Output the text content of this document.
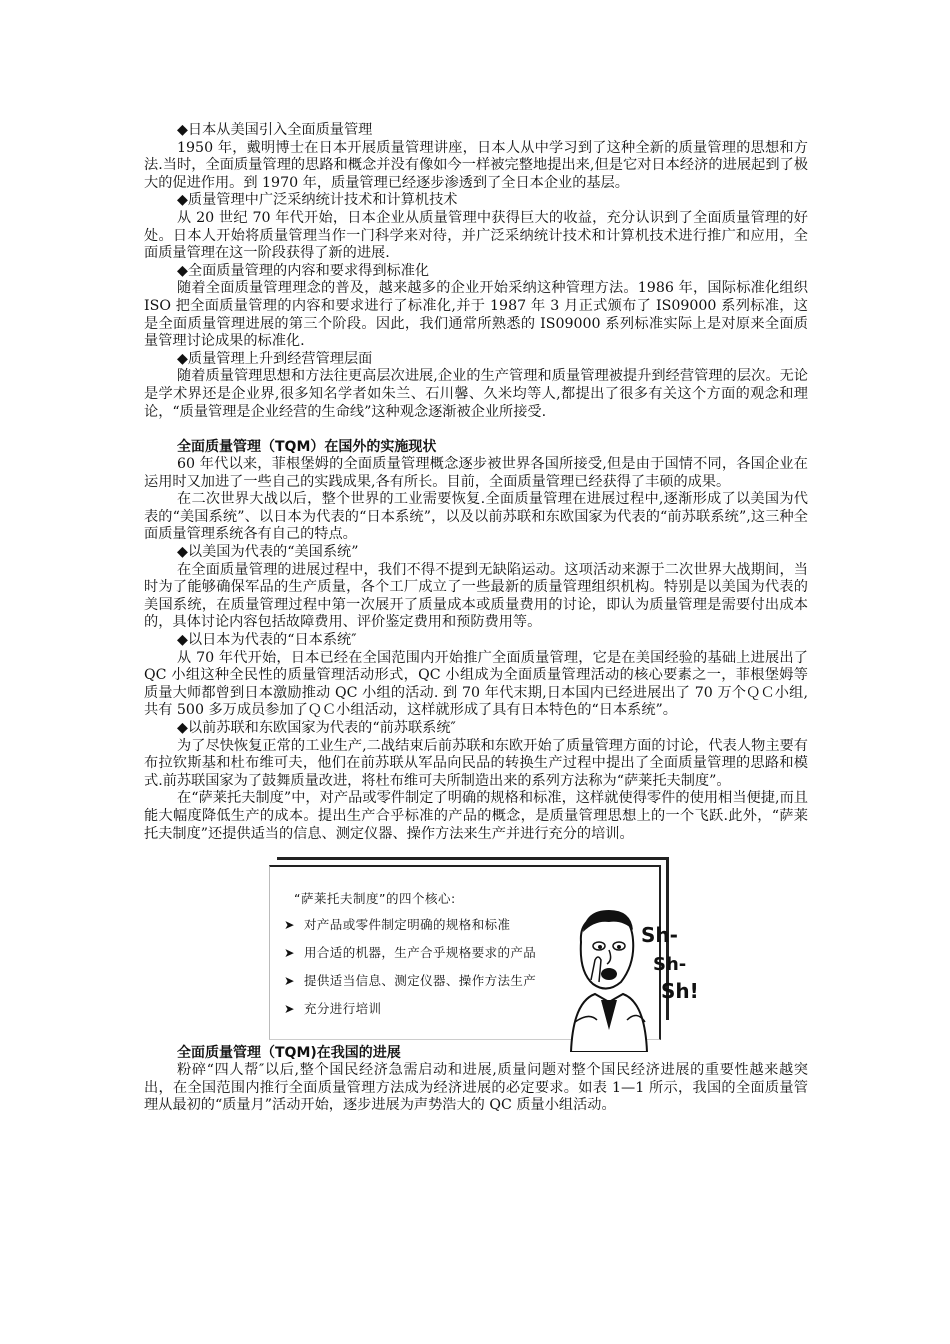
◆日本从美国引入全面质量管理

1950 年，戴明博士在日本开展质量管理讲座，日本人从中学习到了这种全新的质量管理的思想和方法.当时，全面质量管理的思路和概念并没有像如今一样被完整地提出来,但是它对日本经济的进展起到了极大的促进作用。到 1970 年，质量管理已经逐步渗透到了全日本企业的基层。

◆质量管理中广泛采纳统计技术和计算机技术

从 20 世纪 70 年代开始，日本企业从质量管理中获得巨大的收益，充分认识到了全面质量管理的好处。日本人开始将质量管理当作一门科学来对待，并广泛采纳统计技术和计算机技术进行推广和应用，全面质量管理在这一阶段获得了新的进展.

◆全面质量管理的内容和要求得到标准化

随着全面质量管理理念的普及，越来越多的企业开始采纳这种管理方法。1986 年，国际标准化组织 ISO 把全面质量管理的内容和要求进行了标准化,并于 1987 年 3 月正式颁布了 IS09000 系列标准，这是全面质量管理进展的第三个阶段。因此，我们通常所熟悉的 IS09000 系列标准实际上是对原来全面质量管理讨论成果的标准化.

◆质量管理上升到经营管理层面

随着质量管理思想和方法往更高层次进展,企业的生产管理和质量管理被提升到经营管理的层次。无论是学术界还是企业界,很多知名学者如朱兰、石川馨、久米均等人,都提出了很多有关这个方面的观念和理论，“质量管理是企业经营的生命线”这种观念逐渐被企业所接受.

全面质量管理（TQM）在国外的实施现状

60 年代以来，菲根堡姆的全面质量管理概念逐步被世界各国所接受,但是由于国情不同，各国企业在运用时又加进了一些自己的实践成果,各有所长。目前，全面质量管理已经获得了丰硕的成果。

在二次世界大战以后，整个世界的工业需要恢复.全面质量管理在进展过程中,逐渐形成了以美国为代表的“美国系统”、以日本为代表的“日本系统”，以及以前苏联和东欧国家为代表的“前苏联系统”,这三种全面质量管理系统各有自己的特点。

◆以美国为代表的“美国系统”

在全面质量管理的进展过程中，我们不得不提到无缺陷运动。这项活动来源于二次世界大战期间，当时为了能够确保军品的生产质量，各个工厂成立了一些最新的质量管理组织机构。特别是以美国为代表的美国系统，在质量管理过程中第一次展开了质量成本或质量费用的讨论，即认为质量管理是需要付出成本的，具体讨论内容包括故障费用、评价鉴定费用和预防费用等。

◆以日本为代表的“日本系统″

从 70 年代开始，日本已经在全国范围内开始推广全面质量管理，它是在美国经验的基础上进展出了 QC 小组这种全民性的质量管理活动形式，QC 小组成为全面质量管理活动的核心要素之一，菲根堡姆等质量大师都曾到日本激励推动 QC 小组的活动. 到 70 年代末期,日本国内已经进展出了 70 万个ＱＣ小组,共有 500 多万成员参加了ＱＣ小组活动，这样就形成了具有日本特色的“日本系统”。

◆以前苏联和东欧国家为代表的“前苏联系统″

为了尽快恢复正常的工业生产,二战结束后前苏联和东欧开始了质量管理方面的讨论，代表人物主要有布拉钦斯基和杜布维可夫，他们在前苏联从军品向民品的转换生产过程中提出了全面质量管理的思路和模式.前苏联国家为了鼓舞质量改进，将杜布维可夫所制造出来的系列方法称为“萨莱托夫制度”。

在“萨莱托夫制度”中，对产品或零件制定了明确的规格和标准，这样就使得零件的使用相当便捷,而且能大幅度降低生产的成本。提出生产合乎标准的产品的概念，是质量管理思想上的一个飞跃.此外，“萨莱托夫制度”还提供适当的信息、测定仪器、操作方法来生产并进行充分的培训。

“萨莱托夫制度”的四个核心:
➤ 对产品或零件制定明确的规格和标准
➤ 用合适的机器，生产合乎规格要求的产品
➤ 提供适当信息、测定仪器、操作方法生产
➤ 充分进行培训
Sh-
Sh-
Sh!

全面质量管理（TQM)在我国的进展

粉碎“四人帮″以后,整个国民经济急需启动和进展,质量问题对整个国民经济进展的重要性越来越突出，在全国范围内推行全面质量管理方法成为经济进展的必定要求。如表 1—1 所示，我国的全面质量管理从最初的“质量月”活动开始，逐步进展为声势浩大的 QC 质量小组活动。
